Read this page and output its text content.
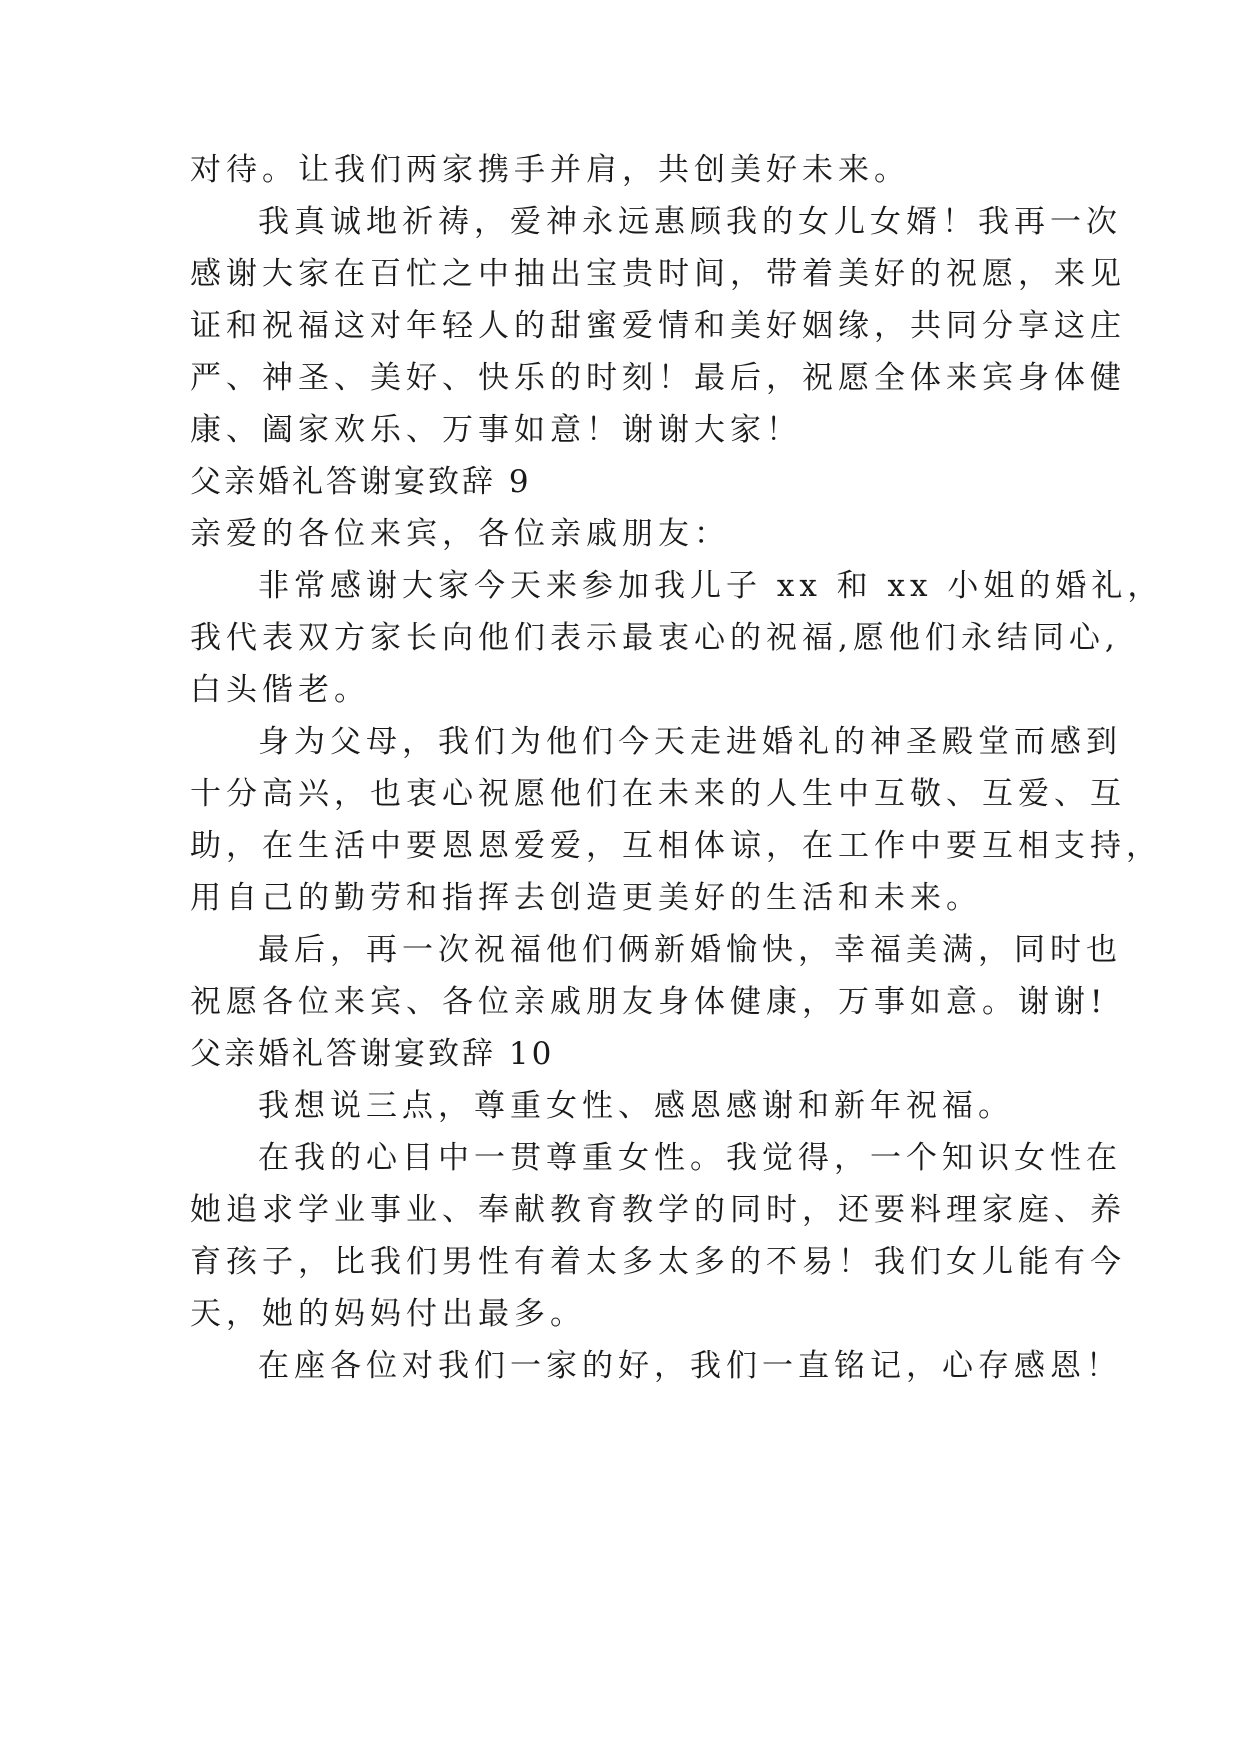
对待。让我们两家携手并肩，共创美好未来。
我真诚地祈祷，爱神永远惠顾我的女儿女婿！我再一次
感谢大家在百忙之中抽出宝贵时间，带着美好的祝愿，来见
证和祝福这对年轻人的甜蜜爱情和美好姻缘，共同分享这庄
严、神圣、美好、快乐的时刻！最后，祝愿全体来宾身体健
康、阖家欢乐、万事如意！谢谢大家！
父亲婚礼答谢宴致辞 9
亲爱的各位来宾，各位亲戚朋友：
非常感谢大家今天来参加我儿子 xx 和 xx 小姐的婚礼，
我代表双方家长向他们表示最衷心的祝福,愿他们永结同心,
白头偕老。
身为父母，我们为他们今天走进婚礼的神圣殿堂而感到
十分高兴，也衷心祝愿他们在未来的人生中互敬、互爱、互
助，在生活中要恩恩爱爱，互相体谅，在工作中要互相支持，
用自己的勤劳和指挥去创造更美好的生活和未来。
最后，再一次祝福他们俩新婚愉快，幸福美满，同时也
祝愿各位来宾、各位亲戚朋友身体健康，万事如意。谢谢!
父亲婚礼答谢宴致辞 10
我想说三点，尊重女性、感恩感谢和新年祝福。
在我的心目中一贯尊重女性。我觉得，一个知识女性在
她追求学业事业、奉献教育教学的同时，还要料理家庭、养
育孩子，比我们男性有着太多太多的不易！我们女儿能有今
天，她的妈妈付出最多。
在座各位对我们一家的好，我们一直铭记，心存感恩！
